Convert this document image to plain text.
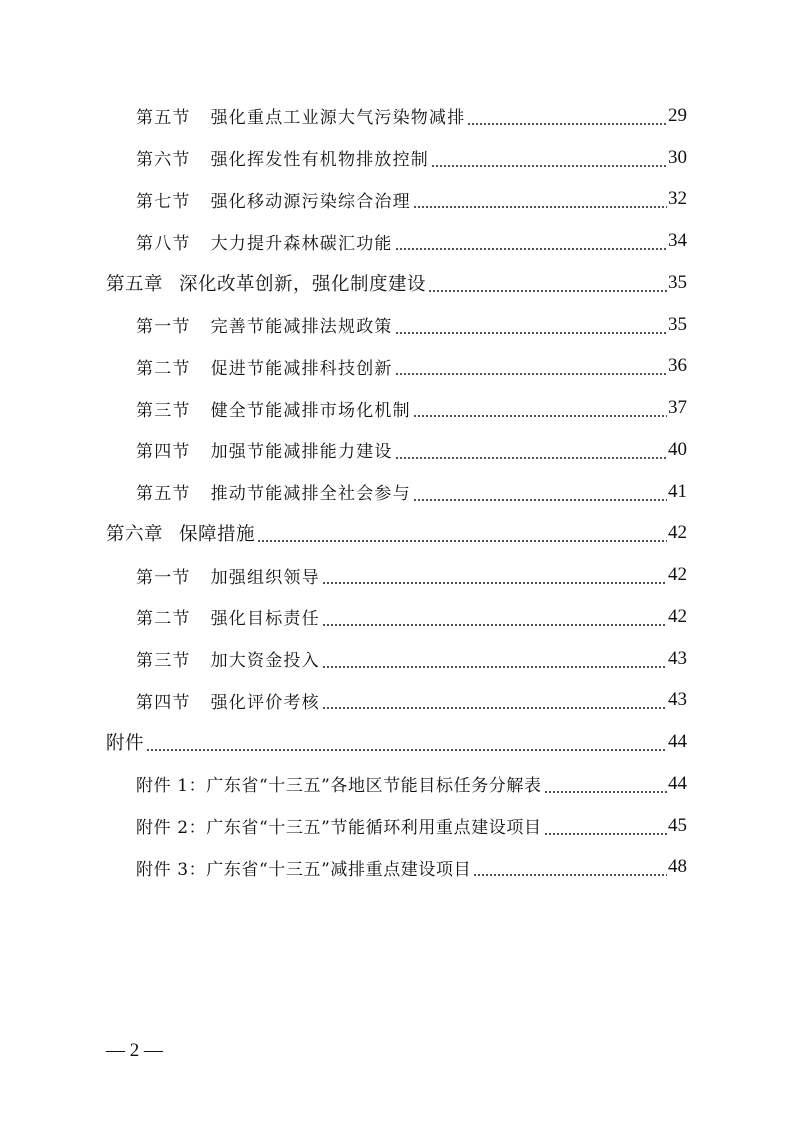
第五节 强化重点工业源大气污染物减排	29
第六节 强化挥发性有机物排放控制	30
第七节 强化移动源污染综合治理	32
第八节 大力提升森林碳汇功能	34
第五章 深化改革创新，强化制度建设	35
第一节 完善节能减排法规政策	35
第二节 促进节能减排科技创新	36
第三节 健全节能减排市场化机制	37
第四节 加强节能减排能力建设	40
第五节 推动节能减排全社会参与	41
第六章 保障措施	42
第一节 加强组织领导	42
第二节 强化目标责任	42
第三节 加大资金投入	43
第四节 强化评价考核	43
附件	44
附件 1：广东省“十三五”各地区节能目标任务分解表	44
附件 2：广东省“十三五”节能循环利用重点建设项目	45
附件 3：广东省“十三五”减排重点建设项目	48
— 2 —
